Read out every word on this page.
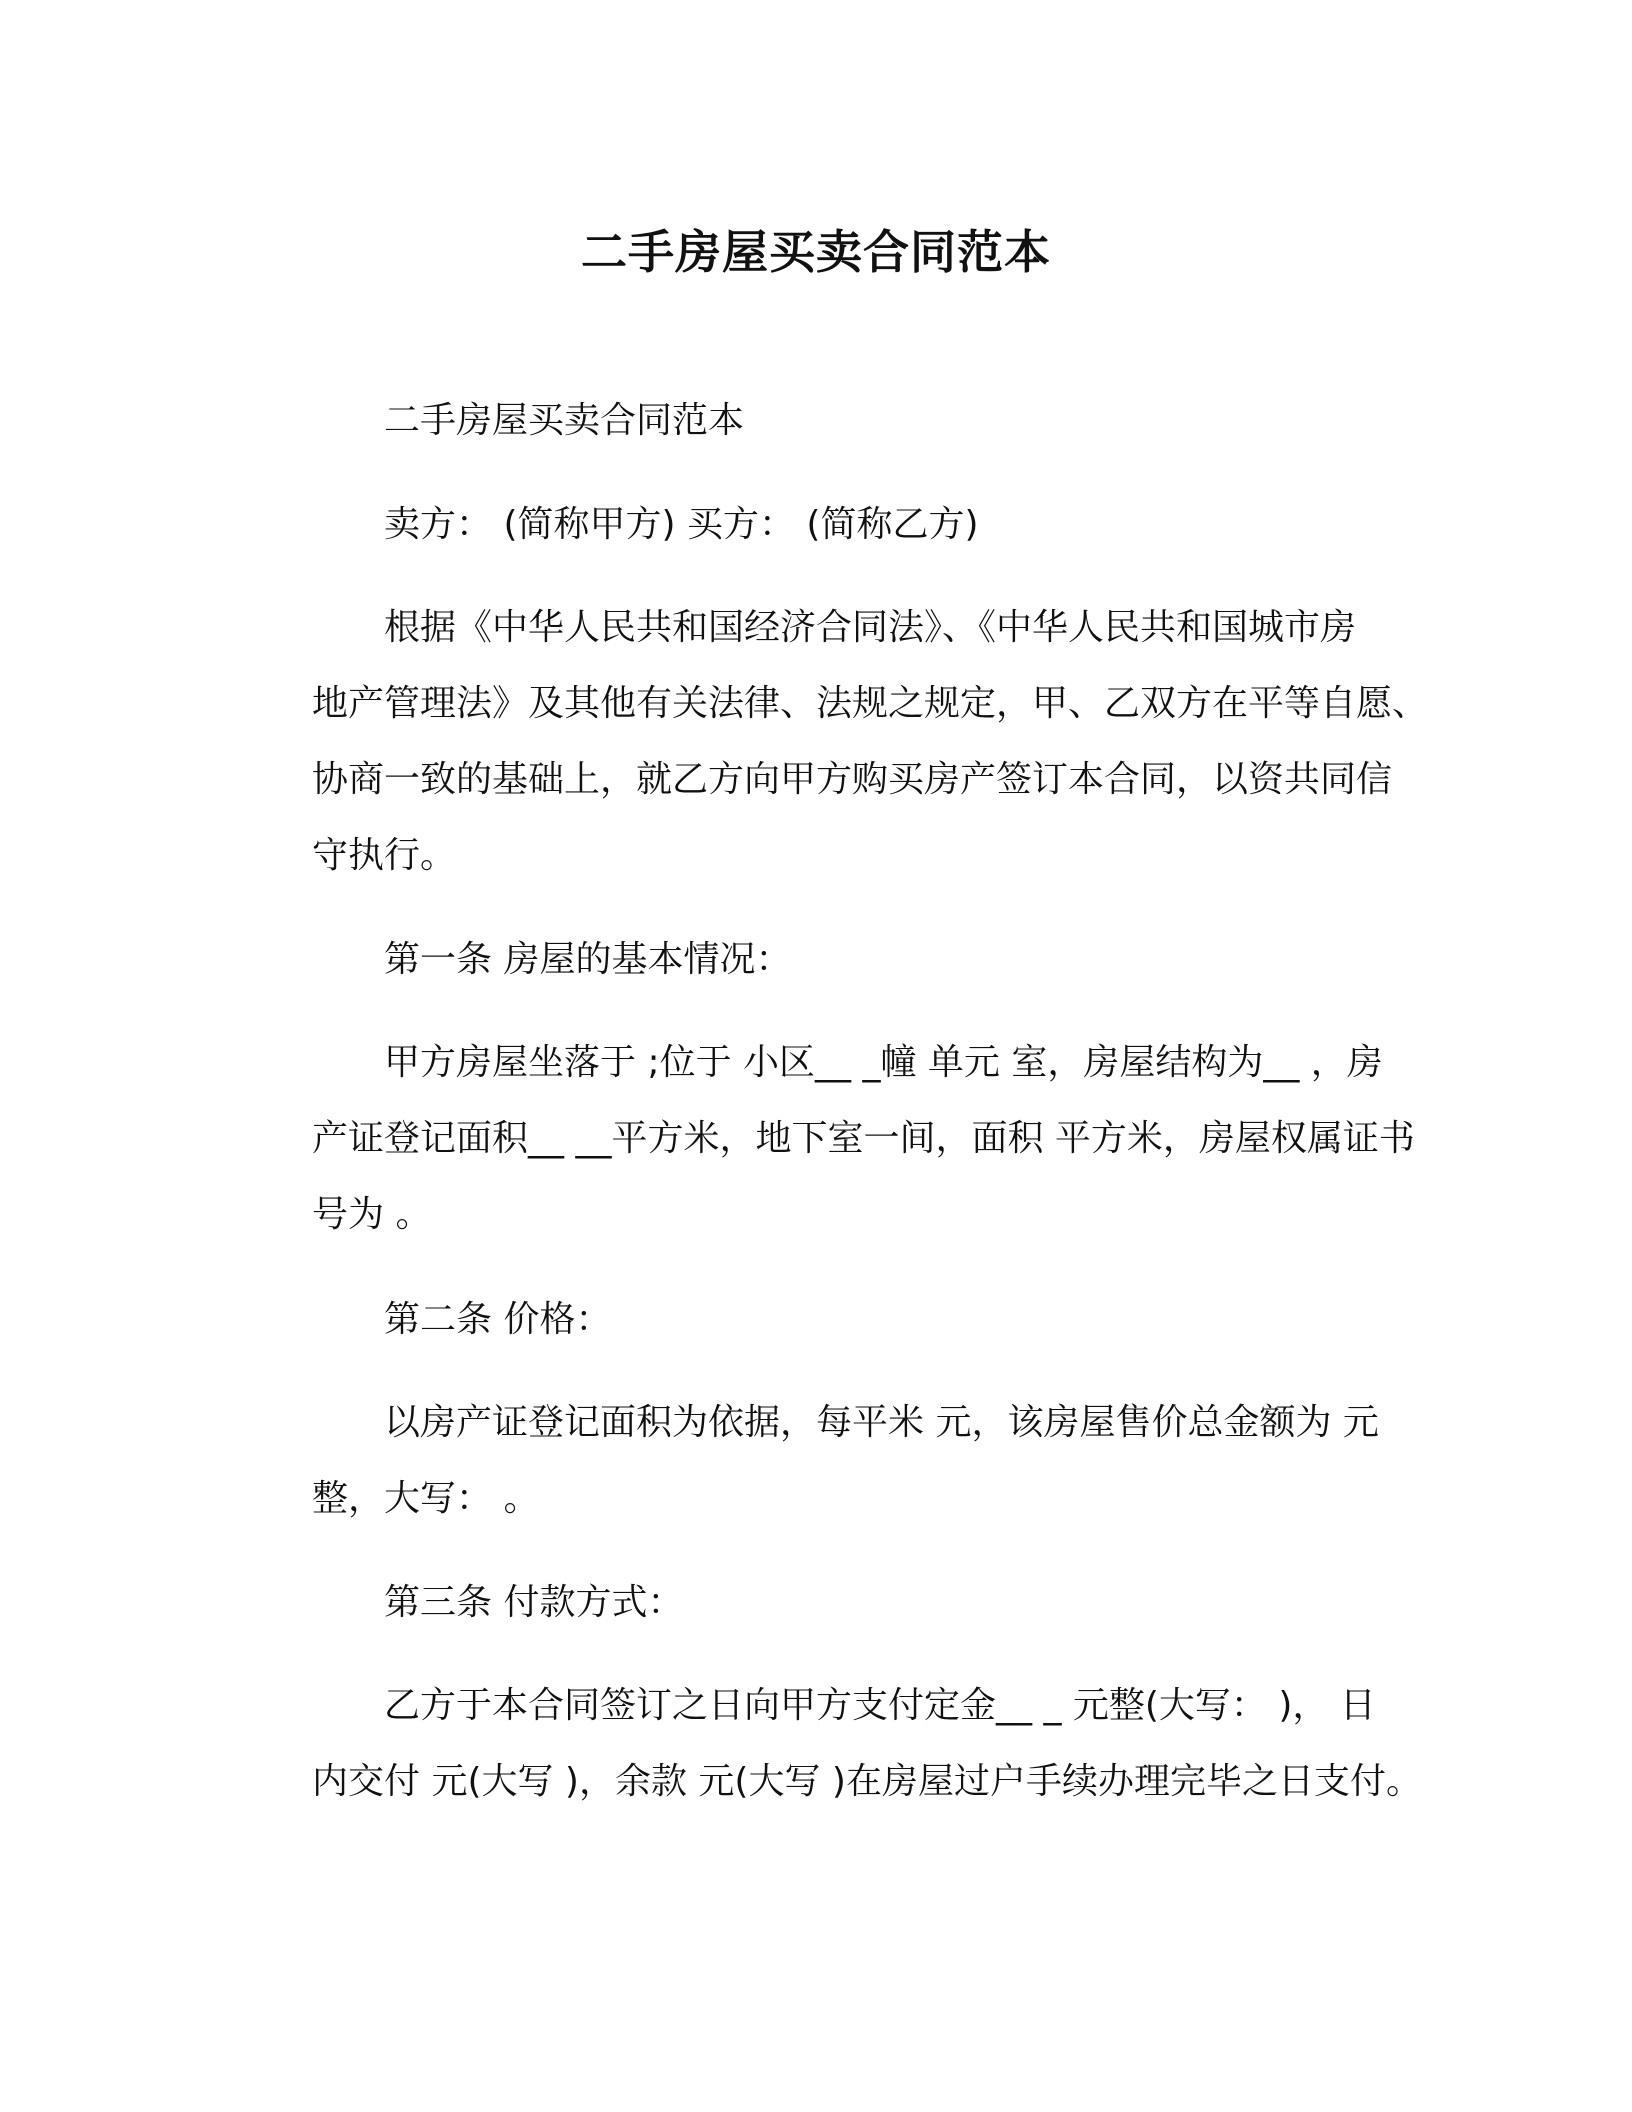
二手房屋买卖合同范本
二手房屋买卖合同范本
卖方： (简称甲方) 买方： (简称乙方)
根据《中华人民共和国经济合同法》、《中华人民共和国城市房
地产管理法》及其他有关法律、法规之规定，甲、乙双方在平等自愿、
协商一致的基础上，就乙方向甲方购买房产签订本合同，以资共同信
守执行。
第一条 房屋的基本情况：
甲方房屋坐落于 ;位于 小区__ _幢 单元 室，房屋结构为__ ，房
产证登记面积__ __平方米，地下室一间，面积 平方米，房屋权属证书
号为 。
第二条 价格：
以房产证登记面积为依据，每平米 元，该房屋售价总金额为 元
整，大写： 。
第三条 付款方式：
乙方于本合同签订之日向甲方支付定金__ _ 元整(大写： )， 日
内交付 元(大写 )，余款 元(大写 )在房屋过户手续办理完毕之日支付。
